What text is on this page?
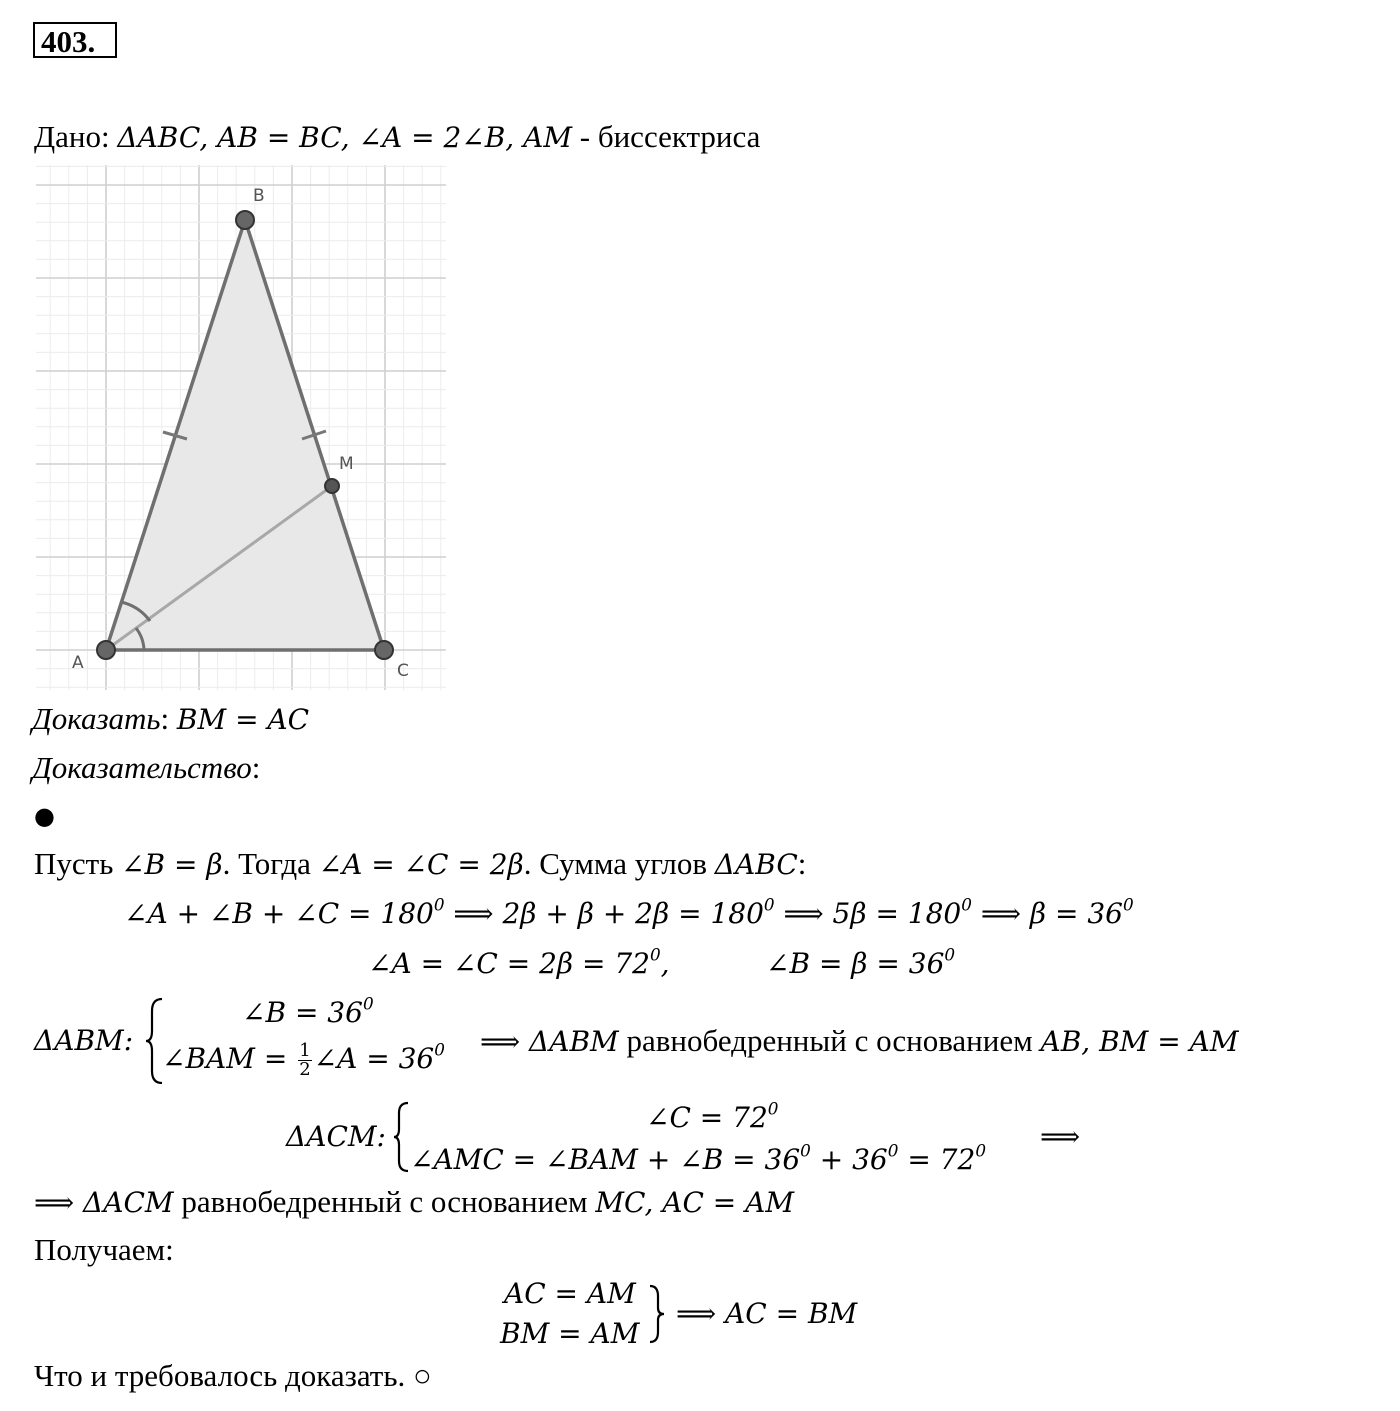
403.
Дано: ΔABC, AB = BC, ∠A = 2∠B, AM - биссектриса
A
B
C
M
Доказать: BM = AC
Доказательство:
●
Пусть ∠B = β. Тогда ∠A = ∠C = 2β. Сумма углов ΔABC:
∠A + ∠B + ∠C = $180^0$ ⟹ $2\beta + \beta + 2\beta = 180^0$ ⟹ $5\beta = 180^0$ ⟹ $\beta = 36^0$
∠A = ∠C = $2\beta = 72^0$,	∠B = $\beta = 36^0$
ΔABM:
∠B = $36^0$
∠BAM = $\frac{1}{2}$ ∠A = $36^0$ ⟹ ΔABM равнобедренный с основанием AB, BM = AM
ΔACM:
∠C = $72^0$
∠AMC = ∠BAM + ∠B = $36^0 + 36^0 = 72^0$ ⟹
⟹ ΔACM равнобедренный с основанием MC, AC = AM
Получаем:
AC = AM
BM = AM
⟹ AC = BM
Что и требовалось доказать. ○
